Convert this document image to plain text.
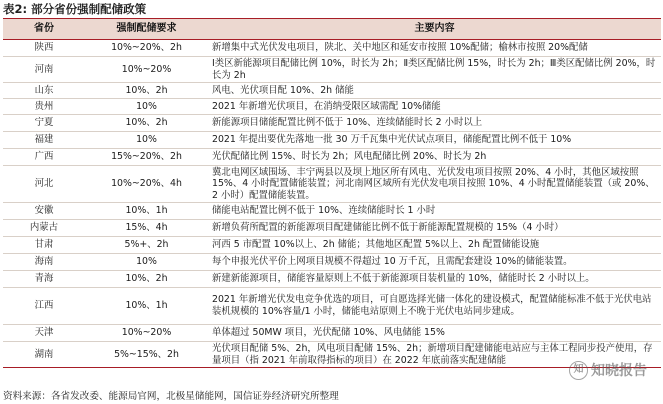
表2: 部分省份强制配储政策
省份	强制配储要求	主要内容
陕西	10%~20%、2h	新增集中式光伏发电项目，陕北、关中地区和延安市按照 10%配储；榆林市按照 20%配储
河南	10%~20%	Ⅰ类区新能源项目配储比例 10%，时长为 2h；Ⅱ类区配储比例 15%，时长为 2h；Ⅲ类区配储比例 20%，时长为 2h
山东	10%、2h	风电、光伏项目配 10%、2h 储能
贵州	10%	2021 年新增光伏项目，在消纳受限区域需配 10%储能
宁夏	10%、2h	新能源项目储能配置比例不低于 10%、连续储能时长 2 小时以上
福建	10%	2021 年提出要优先落地一批 30 万千瓦集中光伏试点项目，储能配置比例不低于 10%
广西	15%~20%、2h	光伏配储比例 15%、时长为 2h；风电配储比例 20%、时长为 2h
河北	10%~20%、4h	冀北电网区域围场、丰宁两县以及坝上地区所有风电、光伏发电项目按照 20%、4 小时，其他区域按照 15%、4 小时配置储能装置；河北南网区域所有光伏发电项目按照 10%、4 小时配置储能装置（或 20%、2 小时）配置储能装置。
安徽	10%、1h	储能电站配置比例不低于 10%、连续储能时长 1 小时
内蒙古	15%、4h	新增负荷所配置的新能源项目配建储能比例不低于新能源配置规模的 15%（4 小时）
甘肃	5%+、2h	河西 5 市配置 10%以上、2h 储能；其他地区配置 5%以上、2h 配置储能设施
海南	10%	每个申报光伏平价上网项目规模不得超过 10 万千瓦，且需配套建设 10%的储能装置。
青海	10%、2h	新建新能源项目，储能容量原则上不低于新能源项目装机量的 10%，储能时长 2 小时以上。
江西	10%、1h	2021 年新增光伏发电竞争优选的项目，可自愿选择光储一体化的建设模式，配置储能标准不低于光伏电站装机规模的 10%容量/1 小时，储能电站原则上不晚于光伏电站同步建成。
天津	10%~20%	单体超过 50MW 项目，光伏配储 10%、风电储能 15%
湖南	5%~15%、2h	光伏项目配储 5%、2h，风电项目配储 15%、2h；新增项目配建储能电站应与主体工程同步投产使用，存量项目（指 2021 年前取得指标的项目）在 2022 年底前落实配建储能
资料来源：各省发改委、能源局官网，北极星储能网，国信证券经济研究所整理
知 知晓报告
